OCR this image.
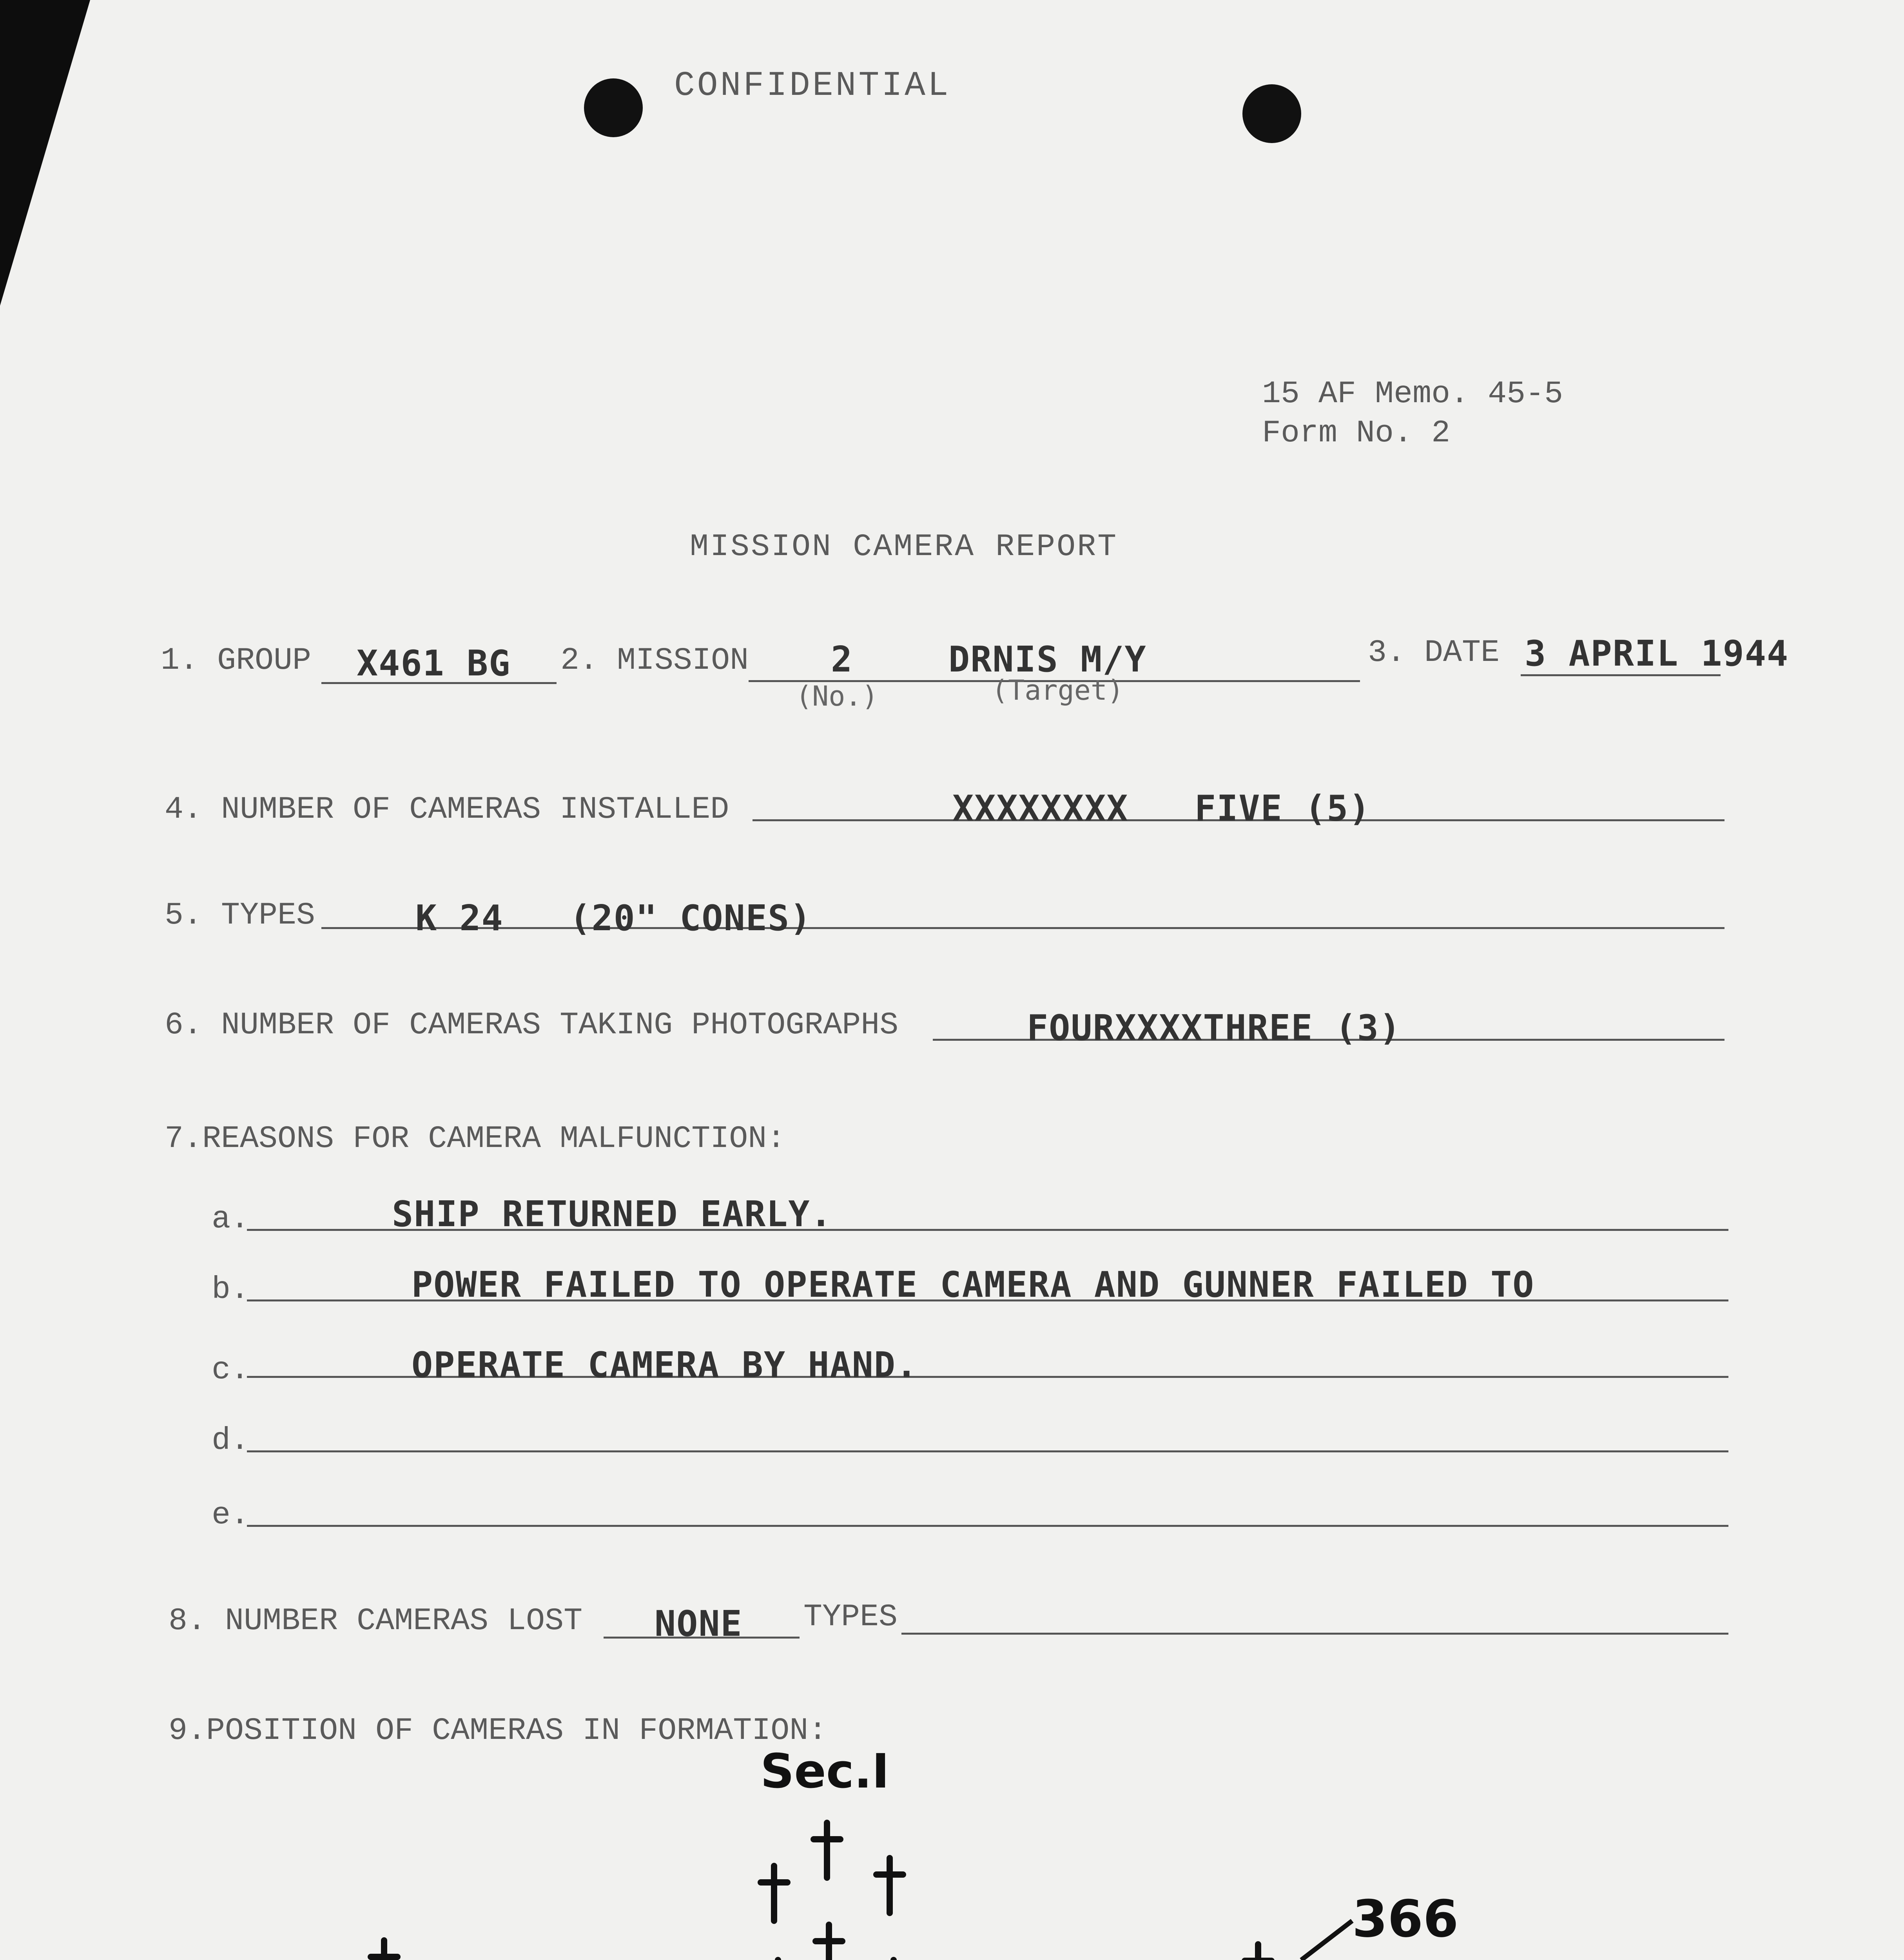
CONFIDENTIAL
15 AF Memo. 45-5
Form No. 2
MISSION CAMERA REPORT
1. GROUP X461 BG 2. MISSION 2
(No.)
DRNIS M/Y
(Target)
3. DATE 3 APRIL 1944
4. NUMBER OF CAMERAS INSTALLED	XXXXXXXX   FIVE (5)
5. TYPES	K 24   (20" CONES)
6. NUMBER OF CAMERAS TAKING PHOTOGRAPHS	FOURXXXXTHREE (3)
7.REASONS FOR CAMERA MALFUNCTION:
a.	SHIP RETURNED EARLY.
b.	POWER FAILED TO OPERATE CAMERA AND GUNNER FAILED TO
c.	OPERATE CAMERA BY HAND.
d.
e.
8. NUMBER CAMERAS LOST NONE TYPES
9.POSITION OF CAMERAS IN FORMATION:
Sec.I
366
